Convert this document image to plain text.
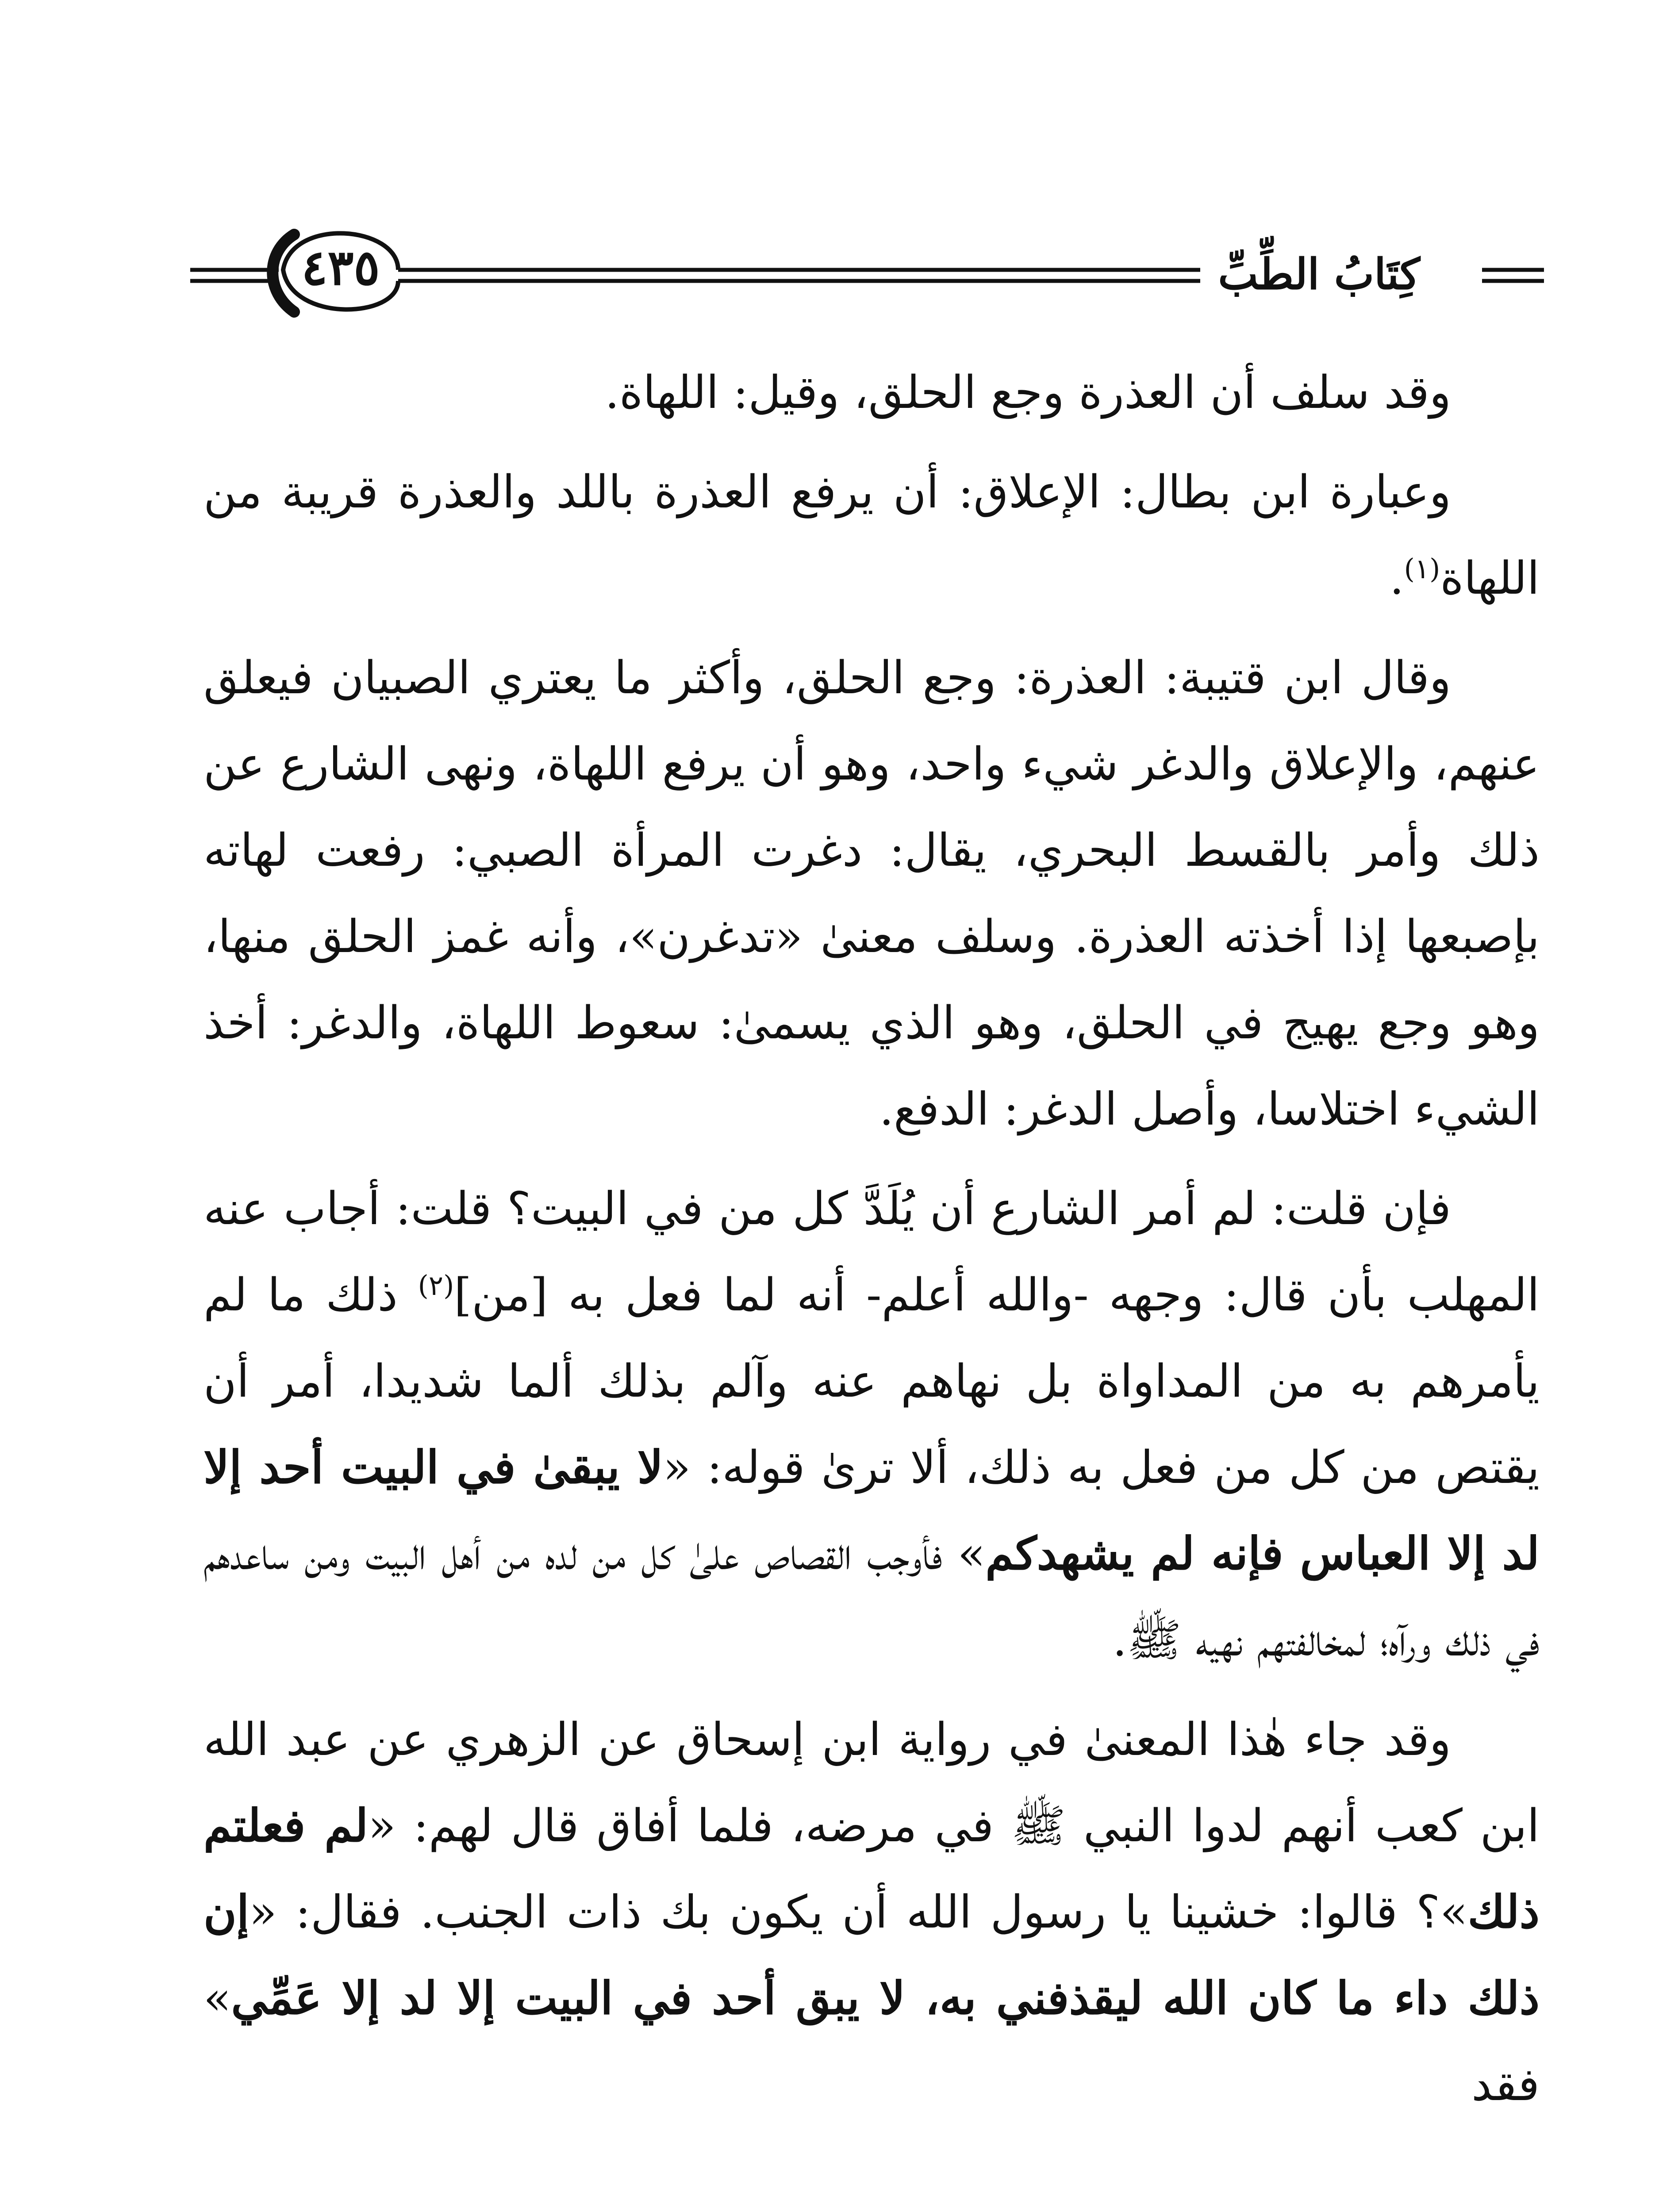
كِتَابُ الطِّبِّ
٤٣٥

وقد سلف أن العذرة وجع الحلق، وقيل: اللهاة.

وعبارة ابن بطال: الإعلاق: أن يرفع العذرة باللد والعذرة قريبة من اللهاة$^{(١)}$.

وقال ابن قتيبة: العذرة: وجع الحلق، وأكثر ما يعتري الصبيان فيعلق عنهم، والإعلاق والدغر شيء واحد، وهو أن يرفع اللهاة، ونهى الشارع عن ذلك وأمر بالقسط البحري، يقال: دغرت المرأة الصبي: رفعت لهاته بإصبعها إذا أخذته العذرة. وسلف معنىٰ «تدغرن»، وأنه غمز الحلق منها، وهو وجع يهيج في الحلق، وهو الذي يسمىٰ: سعوط اللهاة، والدغر: أخذ الشيء اختلاسا، وأصل الدغر: الدفع.

فإن قلت: لم أمر الشارع أن يُلَدَّ كل من في البيت؟ قلت: أجاب عنه المهلب بأن قال: وجهه -والله أعلم- أنه لما فعل به [من]$^{(٢)}$ ذلك ما لم يأمرهم به من المداواة بل نهاهم عنه وآلم بذلك ألما شديدا، أمر أن يقتص من كل من فعل به ذلك، ألا ترىٰ قوله: «لا يبقىٰ في البيت أحد إلا لد إلا العباس فإنه لم يشهدكم» فأوجب القصاص علىٰ كل من لده من أهل البيت ومن ساعدهم في ذلك ورآه؛ لمخالفتهم نهيه ﷺ.

وقد جاء هٰذا المعنىٰ في رواية ابن إسحاق عن الزهري عن عبد الله ابن كعب أنهم لدوا النبي ﷺ في مرضه، فلما أفاق قال لهم: «لم فعلتم ذلك»؟ قالوا: خشينا يا رسول الله أن يكون بك ذات الجنب. فقال: «إن ذلك داء ما كان الله ليقذفني به، لا يبق أحد في البيت إلا لد إلا عَمِّي» فقد
